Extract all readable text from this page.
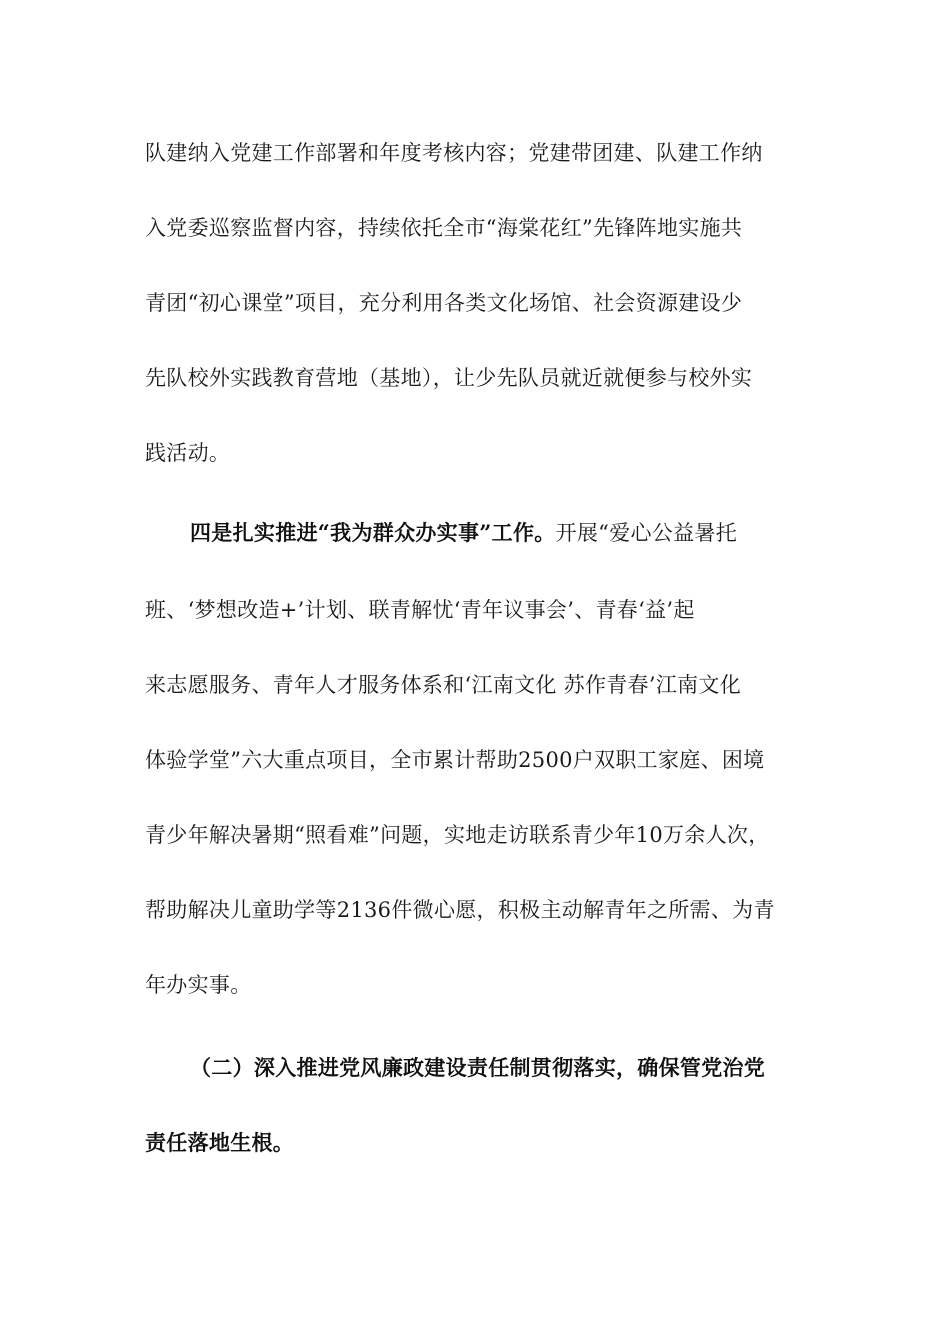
队建纳入党建工作部署和年度考核内容；党建带团建、队建工作纳

入党委巡察监督内容，持续依托全市“海棠花红”先锋阵地实施共

青团“初心课堂”项目，充分利用各类文化场馆、社会资源建设少

先队校外实践教育营地（基地），让少先队员就近就便参与校外实

践活动。

四是扎实推进“我为群众办实事”工作。开展“爱心公益暑托

班、‘梦想改造+’计划、联青解忧‘青年议事会’、青春‘益’起

来志愿服务、青年人才服务体系和‘江南文化 苏作青春’江南文化

体验学堂”六大重点项目，全市累计帮助2500户双职工家庭、困境

青少年解决暑期“照看难”问题，实地走访联系青少年10万余人次，

帮助解决儿童助学等2136件微心愿，积极主动解青年之所需、为青

年办实事。

（二）深入推进党风廉政建设责任制贯彻落实，确保管党治党

责任落地生根。
